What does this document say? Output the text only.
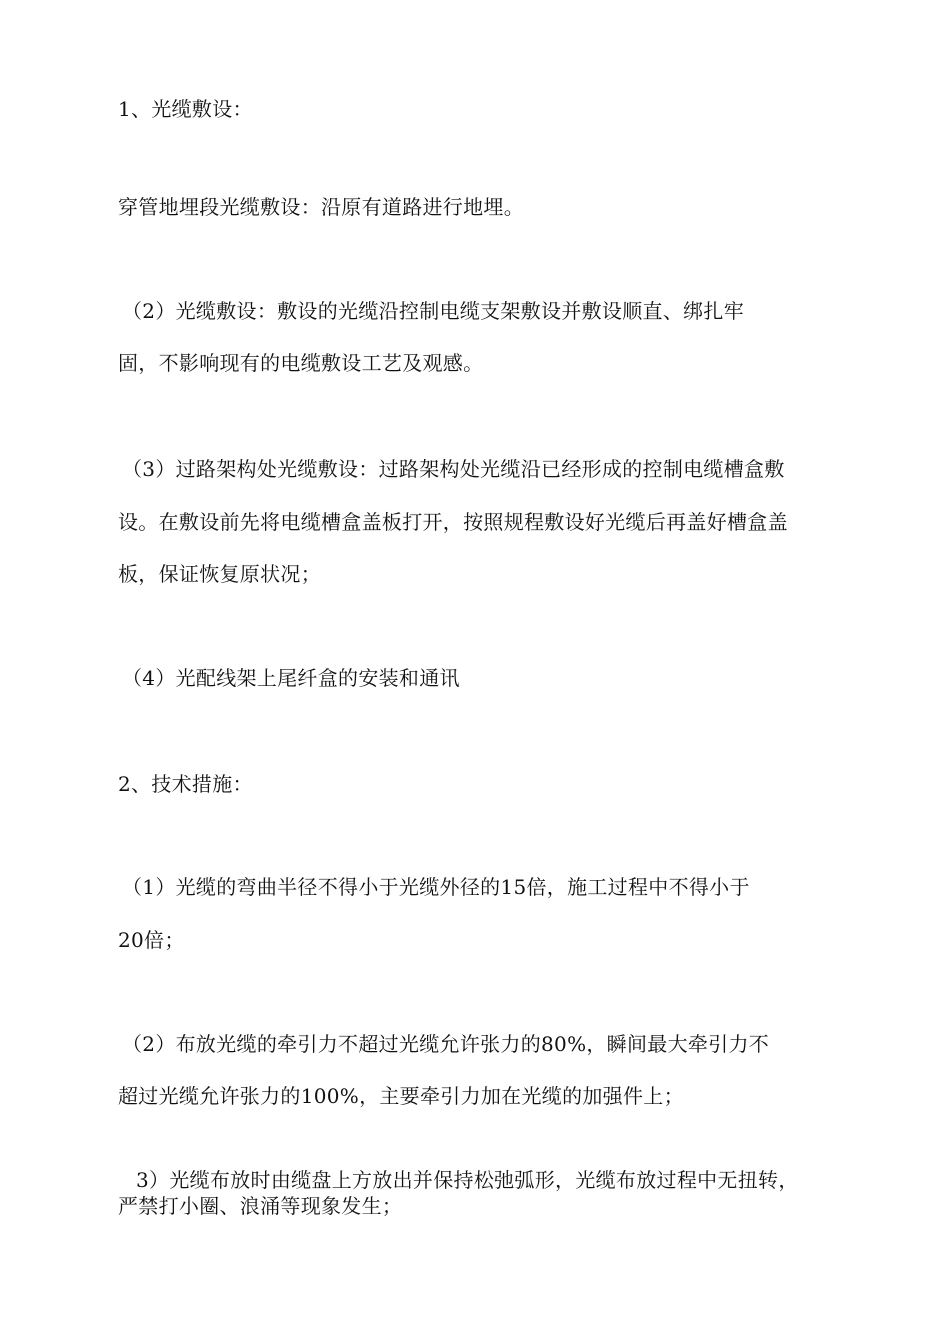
1、光缆敷设：
穿管地埋段光缆敷设：沿原有道路进行地埋。
（2）光缆敷设：敷设的光缆沿控制电缆支架敷设并敷设顺直、绑扎牢
固，不影响现有的电缆敷设工艺及观感。
（3）过路架构处光缆敷设：过路架构处光缆沿已经形成的控制电缆槽盒敷
设。在敷设前先将电缆槽盒盖板打开，按照规程敷设好光缆后再盖好槽盒盖
板，保证恢复原状况；
（4）光配线架上尾纤盒的安装和通讯
2、技术措施：
（1）光缆的弯曲半径不得小于光缆外径的15倍，施工过程中不得小于
20倍；
（2）布放光缆的牵引力不超过光缆允许张力的80%，瞬间最大牵引力不
超过光缆允许张力的100%，主要牵引力加在光缆的加强件上；
3）光缆布放时由缆盘上方放出并保持松弛弧形，光缆布放过程中无扭转，
严禁打小圈、浪涌等现象发生；
